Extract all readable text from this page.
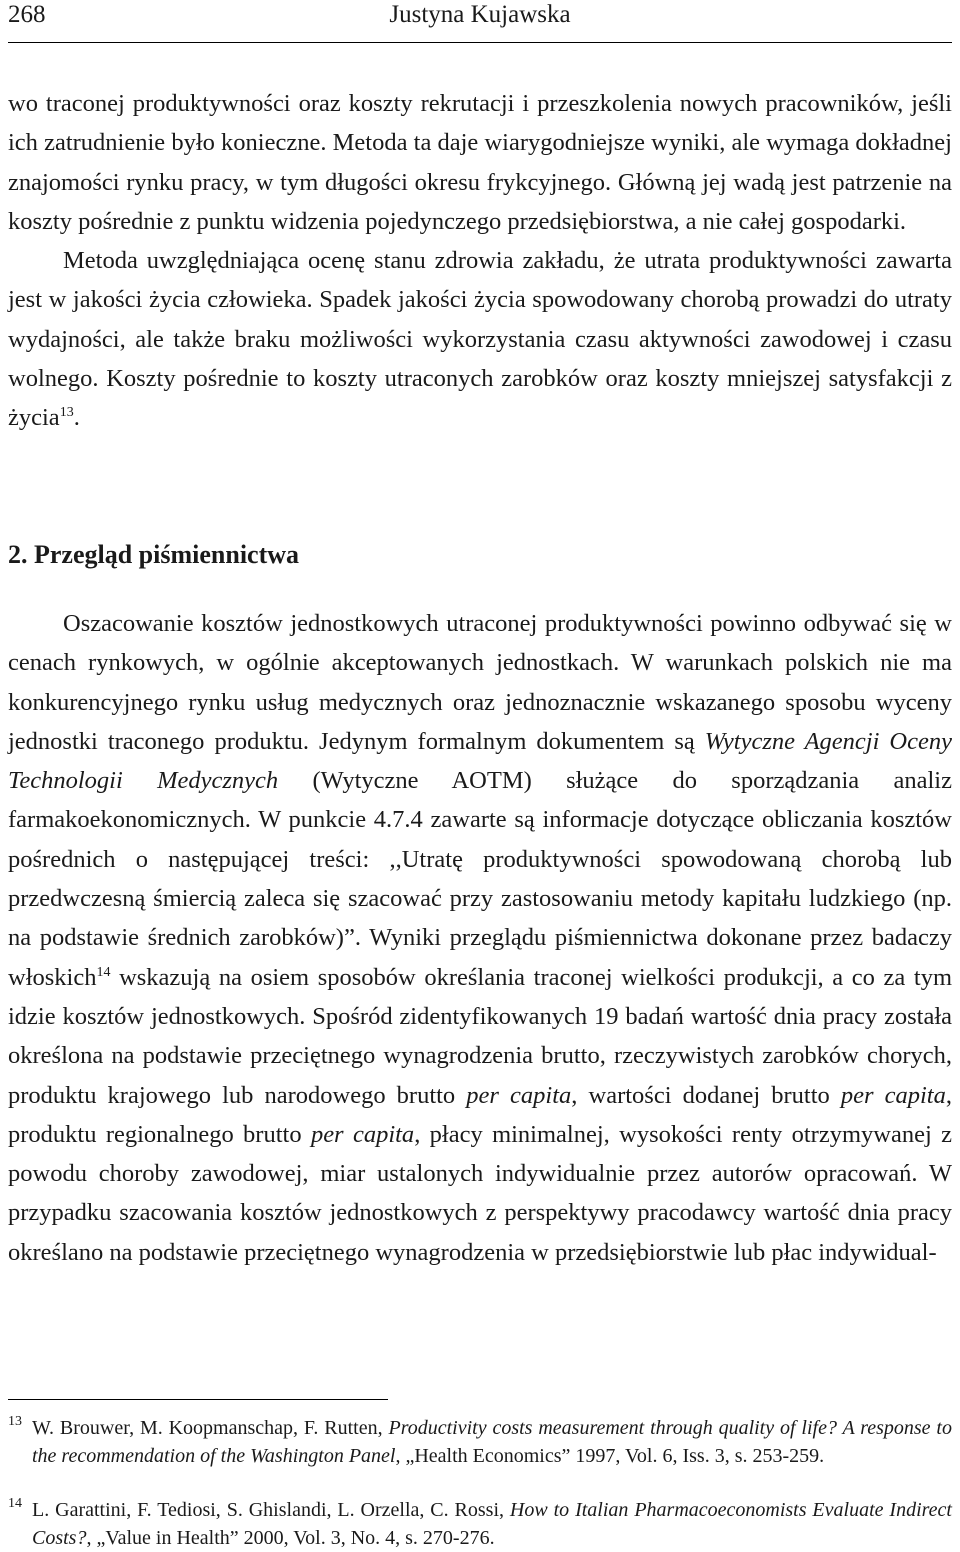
268	Justyna Kujawska

wo traconej produktywności oraz koszty rekrutacji i przeszkolenia nowych pracowników, jeśli ich zatrudnienie było konieczne. Metoda ta daje wiarygodniejsze wyniki, ale wymaga dokładnej znajomości rynku pracy, w tym długości okresu frykcyjnego. Główną jej wadą jest patrzenie na koszty pośrednie z punktu widzenia pojedynczego przedsiębiorstwa, a nie całej gospodarki.

Metoda uwzględniająca ocenę stanu zdrowia zakładu, że utrata produktywności zawarta jest w jakości życia człowieka. Spadek jakości życia spowodowany chorobą prowadzi do utraty wydajności, ale także braku możliwości wykorzystania czasu aktywności zawodowej i czasu wolnego. Koszty pośrednie to koszty utraconych zarobków oraz koszty mniejszej satysfakcji z życia$^{13}$.

2. Przegląd piśmiennictwa

Oszacowanie kosztów jednostkowych utraconej produktywności powinno odbywać się w cenach rynkowych, w ogólnie akceptowanych jednostkach. W warunkach polskich nie ma konkurencyjnego rynku usług medycznych oraz jednoznacznie wskazanego sposobu wyceny jednostki traconego produktu. Jedynym formalnym dokumentem są Wytyczne Agencji Oceny Technologii Medycznych (Wytyczne AOTM) służące do sporządzania analiz farmakoekonomicznych. W punkcie 4.7.4 zawarte są informacje dotyczące obliczania kosztów pośrednich o następującej treści: ,,Utratę produktywności spowodowaną chorobą lub przedwczesną śmiercią zaleca się szacować przy zastosowaniu metody kapitału ludzkiego (np. na podstawie średnich zarobków)”. Wyniki przeglądu piśmiennictwa dokonane przez badaczy włoskich$^{14}$ wskazują na osiem sposobów określania traconej wielkości produkcji, a co za tym idzie kosztów jednostkowych. Spośród zidentyfikowanych 19 badań wartość dnia pracy została określona na podstawie przeciętnego wynagrodzenia brutto, rzeczywistych zarobków chorych, produktu krajowego lub narodowego brutto per capita, wartości dodanej brutto per capita, produktu regionalnego brutto per capita, płacy minimalnej, wysokości renty otrzymywanej z powodu choroby zawodowej, miar ustalonych indywidualnie przez autorów opracowań. W przypadku szacowania kosztów jednostkowych z perspektywy pracodawcy wartość dnia pracy określano na podstawie przeciętnego wynagrodzenia w przedsiębiorstwie lub płac indywidual-

13 W. Brouwer, M. Koopmanschap, F. Rutten, Productivity costs measurement through quality of life? A response to the recommendation of the Washington Panel, „Health Economics” 1997, Vol. 6, Iss. 3, s. 253-259.
14 L. Garattini, F. Tediosi, S. Ghislandi, L. Orzella, C. Rossi, How to Italian Pharmacoeconomists Evaluate Indirect Costs?, „Value in Health” 2000, Vol. 3, No. 4, s. 270-276.
